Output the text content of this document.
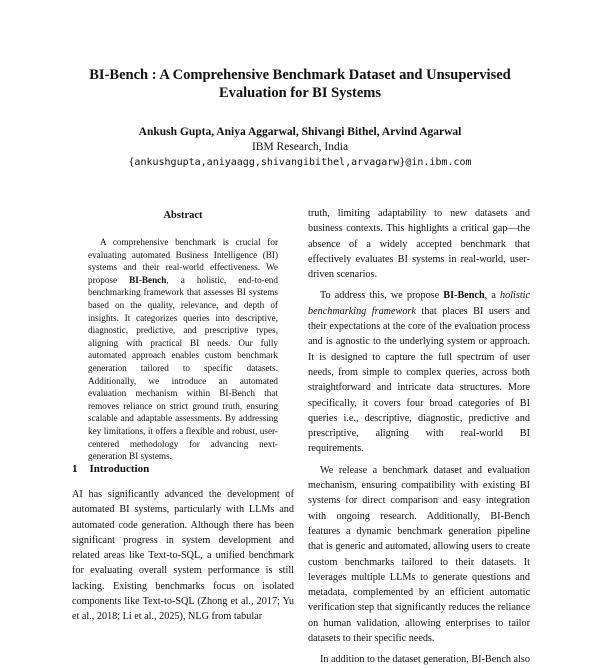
BI-Bench : A Comprehensive Benchmark Dataset and Unsupervised Evaluation for BI Systems
Ankush Gupta, Aniya Aggarwal, Shivangi Bithel, Arvind Agarwal
IBM Research, India
{ankushgupta,aniyaagg,shivangibithel,arvagarw}@in.ibm.com
Abstract
A comprehensive benchmark is crucial for evaluating automated Business Intelligence (BI) systems and their real-world effectiveness. We propose BI-Bench, a holistic, end-to-end benchmarking framework that assesses BI systems based on the quality, relevance, and depth of insights. It categorizes queries into descriptive, diagnostic, predictive, and prescriptive types, aligning with practical BI needs. Our fully automated approach enables custom benchmark generation tailored to specific datasets. Additionally, we introduce an automated evaluation mechanism within BI-Bench that removes reliance on strict ground truth, ensuring scalable and adaptable assessments. By addressing key limitations, it offers a flexible and robust, user-centered methodology for advancing next-generation BI systems.
1 Introduction
AI has significantly advanced the development of automated BI systems, particularly with LLMs and automated code generation. Although there has been significant progress in system development and related areas like Text-to-SQL, a unified benchmark for evaluating overall system performance is still lacking. Existing benchmarks focus on isolated components like Text-to-SQL (Zhong et al., 2017; Yu et al., 2018; Li et al., 2025), NLG from tabular

truth, limiting adaptability to new datasets and business contexts. This highlights a critical gap—the absence of a widely accepted benchmark that effectively evaluates BI systems in real-world, user-driven scenarios.

To address this, we propose BI-Bench, a holistic benchmarking framework that places BI users and their expectations at the core of the evaluation process and is agnostic to the underlying system or approach. It is designed to capture the full spectrum of user needs, from simple to complex queries, across both straightforward and intricate data structures. More specifically, it covers four broad categories of BI queries i.e., descriptive, diagnostic, predictive and prescriptive, aligning with real-world BI requirements.

We release a benchmark dataset and evaluation mechanism, ensuring compatibility with existing BI systems for direct comparison and easy integration with ongoing research. Additionally, BI-Bench features a dynamic benchmark generation pipeline that is generic and automated, allowing users to create custom benchmarks tailored to their datasets. It leverages multiple LLMs to generate questions and metadata, complemented by an efficient automatic verification step that significantly reduces the reliance on human validation, allowing enterprises to tailor datasets to their specific needs.

In addition to the dataset generation, BI-Bench also
